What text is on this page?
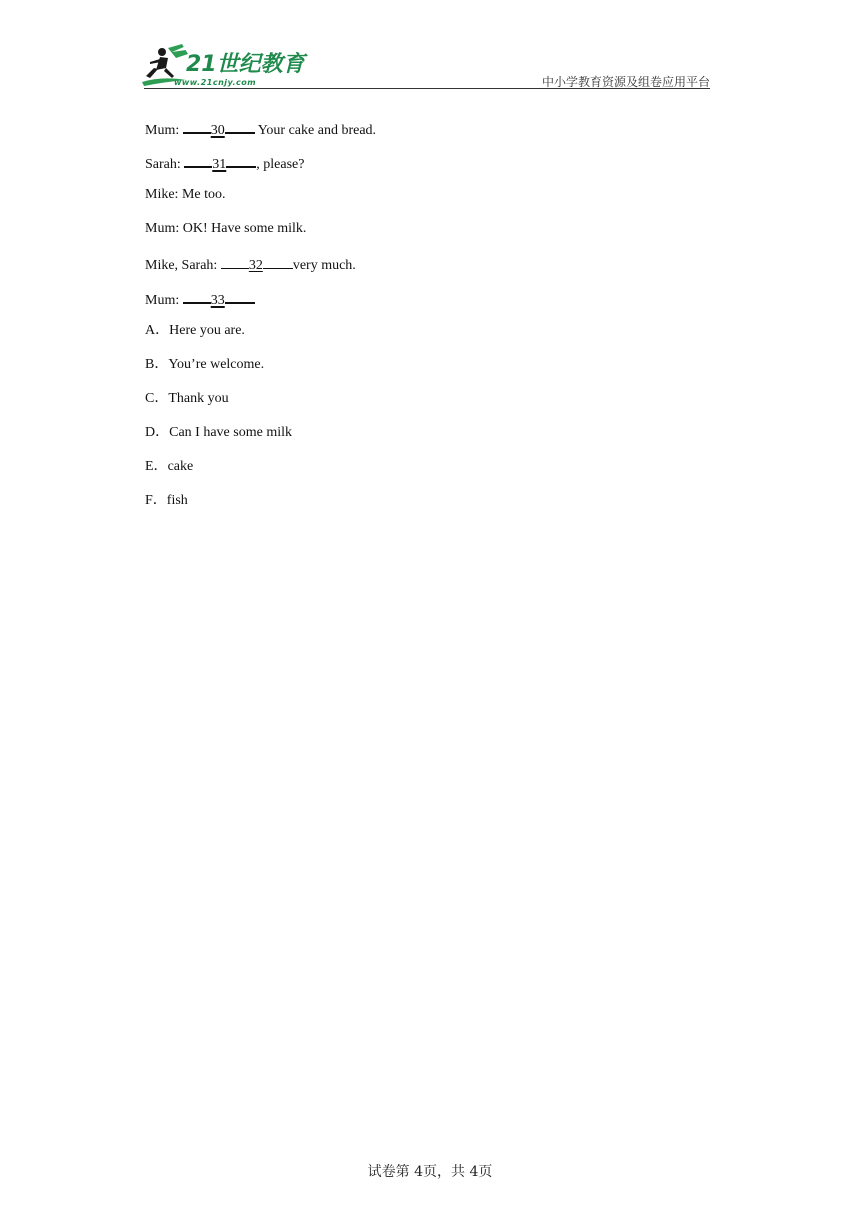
21世纪教育
www.21cnjy.com	中小学教育资源及组卷应用平台
Mum: 30 Your cake and bread.
Sarah: 31 , please?
Mike: Me too.
Mum: OK! Have some milk.
Mike, Sarah: 32 very much.
Mum: 33
A．Here you are.
B．You’re welcome.
C．Thank you
D．Can I have some milk
E．cake
F．fish
试卷第 4页，共 4页
